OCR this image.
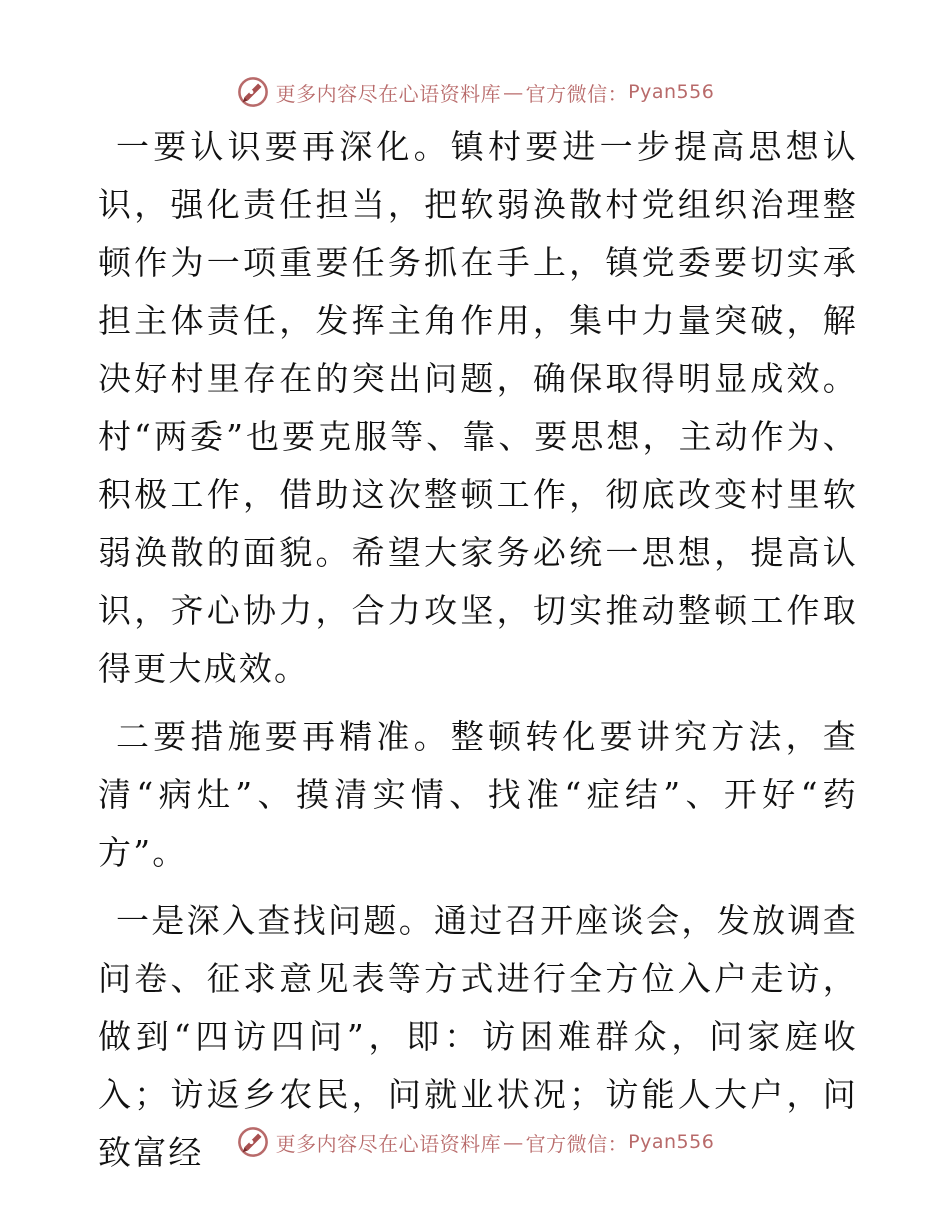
更多内容尽在心语资料库 — 官方微信： Pyan556

一要认识要再深化。镇村要进一步提高思想认识，强化责任担当，把软弱涣散村党组织治理整顿作为一项重要任务抓在手上，镇党委要切实承担主体责任，发挥主角作用，集中力量突破，解决好村里存在的突出问题，确保取得明显成效。村“两委”也要克服等、靠、要思想，主动作为、积极工作，借助这次整顿工作，彻底改变村里软弱涣散的面貌。希望大家务必统一思想，提高认识，齐心协力，合力攻坚，切实推动整顿工作取得更大成效。

二要措施要再精准。整顿转化要讲究方法，查清“病灶”、摸清实情、找准“症结”、开好“药方”。

一是深入查找问题。通过召开座谈会，发放调查问卷、征求意见表等方式进行全方位入户走访，做到“四访四问”，即：访困难群众，问家庭收入；访返乡农民，问就业状况；访能人大户，问致富经	更多内容尽在心语资料库 — 官方微信： Pyan556
